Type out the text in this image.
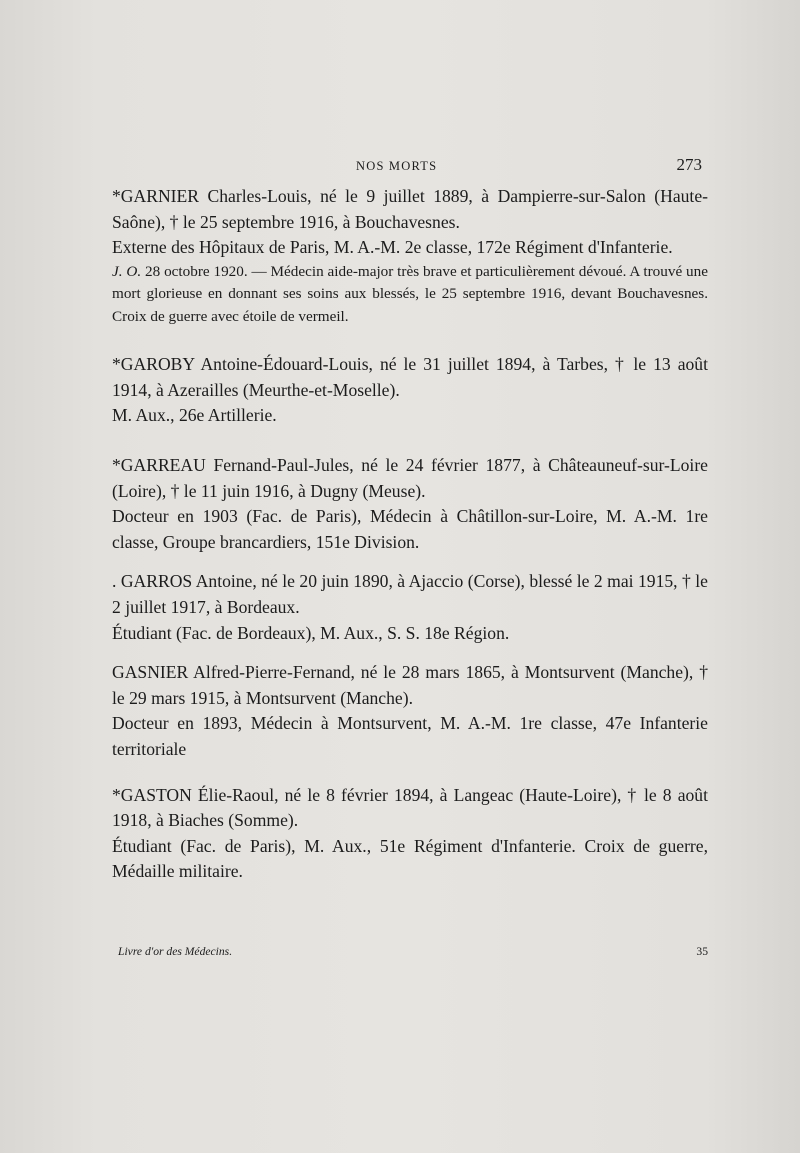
NOS MORTS	273

*GARNIER Charles-Louis, né le 9 juillet 1889, à Dampierre-sur-Salon (Haute-Saône), † le 25 septembre 1916, à Bouchavesnes.

Externe des Hôpitaux de Paris, M. A.-M. 2e classe, 172e Régiment d'Infanterie.

J. O. 28 octobre 1920. — Médecin aide-major très brave et particulièrement dévoué. A trouvé une mort glorieuse en donnant ses soins aux blessés, le 25 septembre 1916, devant Bouchavesnes. Croix de guerre avec étoile de vermeil.

*GAROBY Antoine-Édouard-Louis, né le 31 juillet 1894, à Tarbes, † le 13 août 1914, à Azerailles (Meurthe-et-Moselle).

M. Aux., 26e Artillerie.

*GARREAU Fernand-Paul-Jules, né le 24 février 1877, à Châteauneuf-sur-Loire (Loire), † le 11 juin 1916, à Dugny (Meuse).

Docteur en 1903 (Fac. de Paris), Médecin à Châtillon-sur-Loire, M. A.-M. 1re classe, Groupe brancardiers, 151e Division.

. GARROS Antoine, né le 20 juin 1890, à Ajaccio (Corse), blessé le 2 mai 1915, † le 2 juillet 1917, à Bordeaux.

Étudiant (Fac. de Bordeaux), M. Aux., S. S. 18e Région.

GASNIER Alfred-Pierre-Fernand, né le 28 mars 1865, à Montsurvent (Manche), † le 29 mars 1915, à Montsurvent (Manche).

Docteur en 1893, Médecin à Montsurvent, M. A.-M. 1re classe, 47e Infanterie territoriale

*GASTON Élie-Raoul, né le 8 février 1894, à Langeac (Haute-Loire), † le 8 août 1918, à Biaches (Somme).

Étudiant (Fac. de Paris), M. Aux., 51e Régiment d'Infanterie. Croix de guerre, Médaille militaire.

Livre d'or des Médecins.	35
